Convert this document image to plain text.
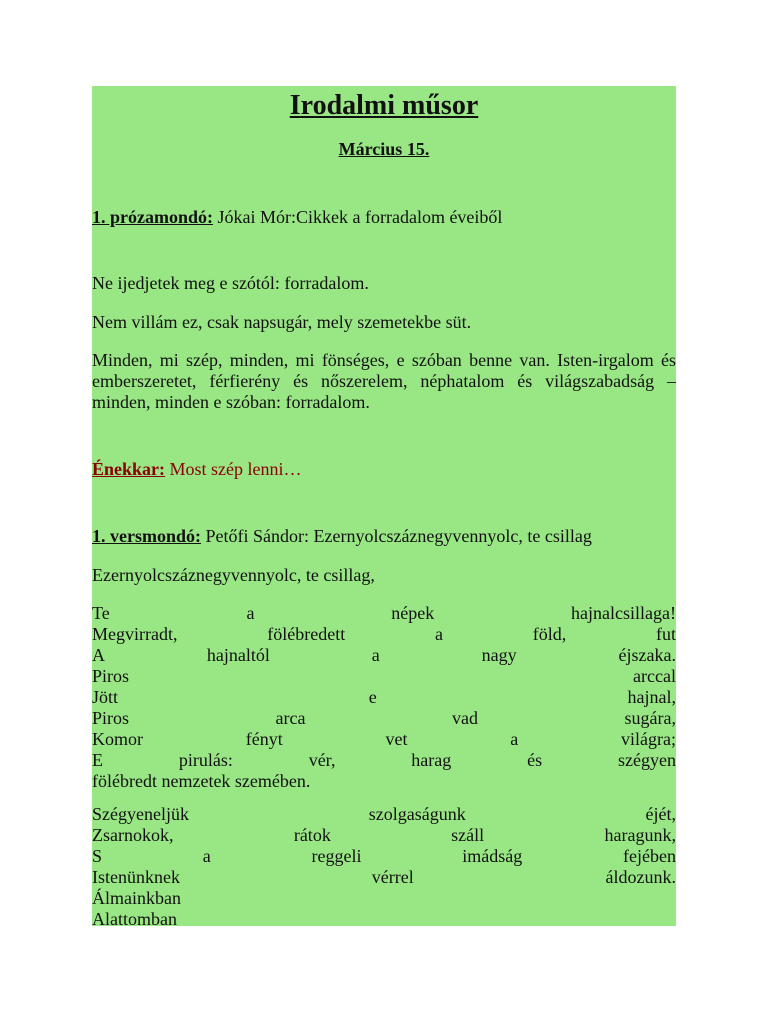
Irodalmi műsor
Március 15.

1. prózamondó: Jókai Mór:Cikkek a forradalom éveiből

Ne ijedjetek meg e szótól: forradalom.

Nem villám ez, csak napsugár, mely szemetekbe süt.

Minden, mi szép, minden, mi fönséges, e szóban benne van. Isten-irgalom és emberszeretet, férfierény és nőszerelem, néphatalom és világszabadság – minden, minden e szóban: forradalom.

Énekkar: Most szép lenni…

1. versmondó: Petőfi Sándor: Ezernyolcszáznegyvennyolc, te csillag

Ezernyolcszáznegyvennyolc, te csillag,

Te	a	népek	hajnalcsillaga!
Megvirradt,	fölébredett	a	föld,	fut
A	hajnaltól	a	nagy	éjszaka.
Piros	arccal
Jött	e	hajnal,
Piros	arca	vad	sugára,
Komor	fényt	vet	a	világra;
E	pirulás:	vér,	harag	és	szégyen
fölébredt nemzetek szemében.
Szégyeneljük	szolgaságunk	éjét,
Zsarnokok,	rátok	száll	haragunk,
S	a	reggeli	imádság	fejében
Istenünknek	vérrel	áldozunk.
Álmainkban
Alattomban
